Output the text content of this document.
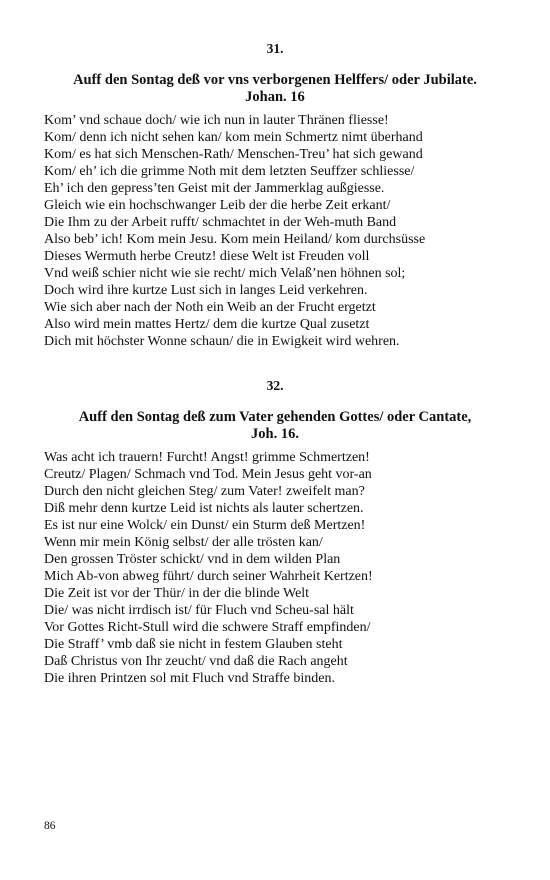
31.

Auff den Sontag deß vor vns verborgenen Helffers/ oder Jubilate.

Johan. 16

Kom’ vnd schaue doch/ wie ich nun in lauter Thränen fliesse!
Kom/ denn ich nicht sehen kan/ kom mein Schmertz nimt überhand
Kom/ es hat sich Menschen-Rath/ Menschen-Treu’ hat sich gewand
Kom/ eh’ ich die grimme Noth mit dem letzten Seuffzer schliesse/
Eh’ ich den gepress’ten Geist mit der Jammerklag außgiesse.
Gleich wie ein hochschwanger Leib der die herbe Zeit erkant/
Die Ihm zu der Arbeit rufft/ schmachtet in der Weh-muth Band
Also beb’ ich! Kom mein Jesu. Kom mein Heiland/ kom durchsüsse
Dieses Wermuth herbe Creutz! diese Welt ist Freuden voll
Vnd weiß schier nicht wie sie recht/ mich Velaß’nen höhnen sol;
Doch wird ihre kurtze Lust sich in langes Leid verkehren.
Wie sich aber nach der Noth ein Weib an der Frucht ergetzt
Also wird mein mattes Hertz/ dem die kurtze Qual zusetzt
Dich mit höchster Wonne schaun/ die in Ewigkeit wird wehren.

32.

Auff den Sontag deß zum Vater gehenden Gottes/ oder Cantate,

Joh. 16.

Was acht ich trauern! Furcht! Angst! grimme Schmertzen!
Creutz/ Plagen/ Schmach vnd Tod. Mein Jesus geht vor-an
Durch den nicht gleichen Steg/ zum Vater! zweifelt man?
Diß mehr denn kurtze Leid ist nichts als lauter schertzen.
Es ist nur eine Wolck/ ein Dunst/ ein Sturm deß Mertzen!
Wenn mir mein König selbst/ der alle trösten kan/
Den grossen Tröster schickt/ vnd in dem wilden Plan
Mich Ab-von abweg führt/ durch seiner Wahrheit Kertzen!
Die Zeit ist vor der Thür/ in der die blinde Welt
Die/ was nicht irrdisch ist/ für Fluch vnd Scheu-sal hält
Vor Gottes Richt-Stull wird die schwere Straff empfinden/
Die Straff’ vmb daß sie nicht in festem Glauben steht
Daß Christus von Ihr zeucht/ vnd daß die Rach angeht
Die ihren Printzen sol mit Fluch vnd Straffe binden.
86
